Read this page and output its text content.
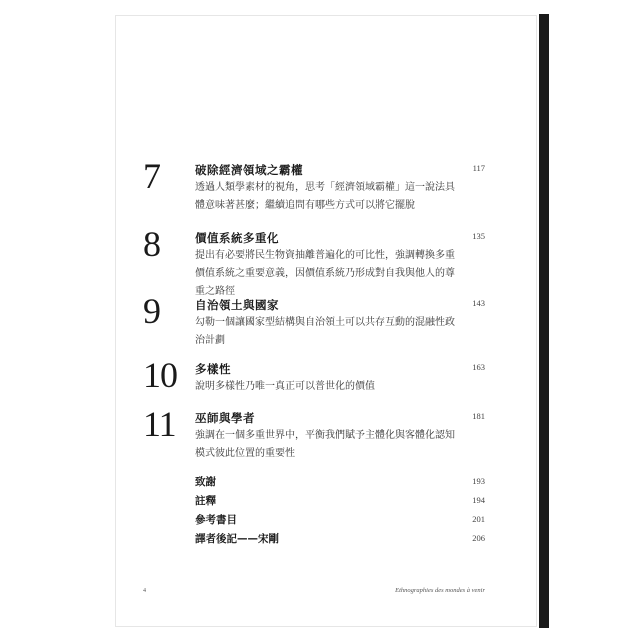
7	破除經濟領域之霸權	117
透過人類學素材的視角，思考「經濟領域霸權」這一說法具體意味著甚麼；繼續追問有哪些方式可以將它擺脫
8	價值系統多重化	135
提出有必要將民生物資抽離普遍化的可比性，強調轉換多重價值系統之重要意義，因價值系統乃形成對自我與他人的尊重之路徑
9	自治領土與國家	143
勾勒一個讓國家型結構與自治領土可以共存互動的混融性政治計劃
10 多樣性	163
說明多樣性乃唯一真正可以普世化的價值
11 巫師與學者	181
強調在一個多重世界中，平衡我們賦予主體化與客體化認知模式彼此位置的重要性
致謝	193
註釋	194
參考書目	201
譯者後記——宋剛	206
4	Ethnographies des mondes à venir
